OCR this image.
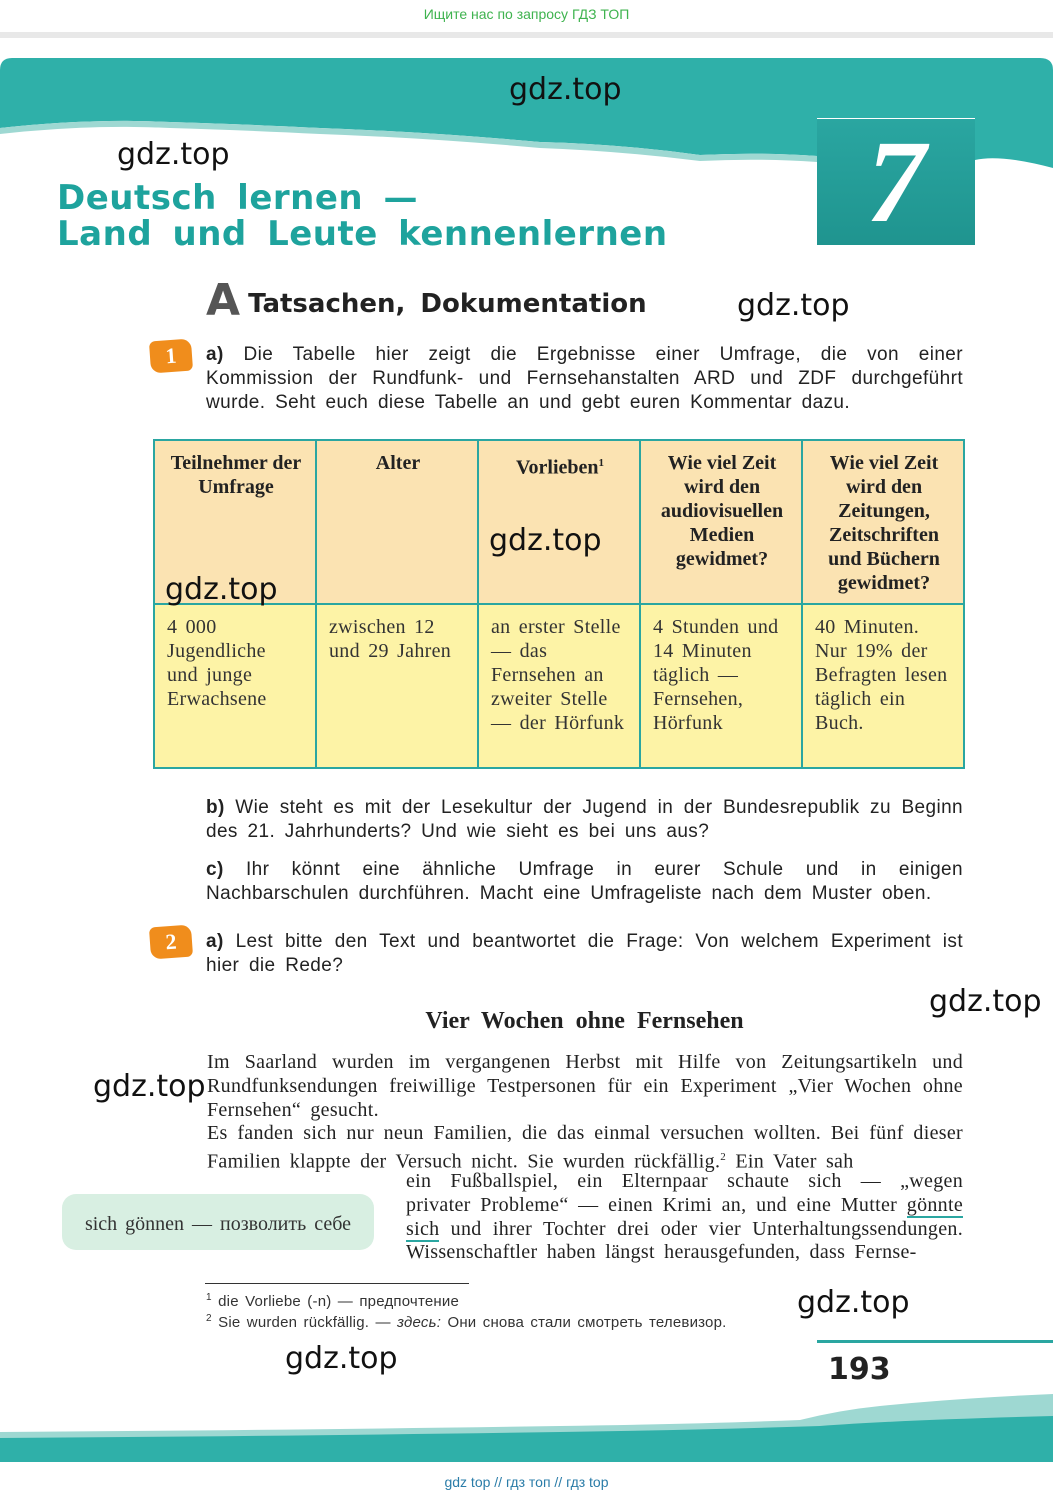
Ищите нас по запросу ГДЗ ТОП
7
gdz.top
gdz.top
Deutsch lernen —
Land und Leute kennenlernen
A Tatsachen, Dokumentation	gdz.top
1	a) Die Tabelle hier zeigt die Ergebnisse einer Umfrage, die von einer Kommission der Rundfunk- und Fernsehanstalten ARD und ZDF durchgeführt wurde. Seht euch diese Tabelle an und gebt euren Kommentar dazu.
Teilnehmer der Umfrage	Alter	Vorlieben$^1$	Wie viel Zeit wird den audiovisuellen Medien gewidmet?	Wie viel Zeit wird den Zeitungen, Zeitschriften und Büchern gewidmet?
4 000 Jugendliche und junge Erwachsene	zwischen 12 und 29 Jahren	an erster Stelle — das Fernsehen an zweiter Stelle — der Hörfunk	4 Stunden und 14 Minuten täglich — Fernsehen, Hörfunk	40 Minuten. Nur 19% der Befragten lesen täglich ein Buch.
gdz.top
gdz.top
b) Wie steht es mit der Lesekultur der Jugend in der Bundesrepublik zu Beginn des 21. Jahrhunderts? Und wie sieht es bei uns aus?
c) Ihr könnt eine ähnliche Umfrage in eurer Schule und in einigen Nachbarschulen durchführen. Macht eine Umfrageliste nach dem Muster oben.
2	a) Lest bitte den Text und beantwortet die Frage: Von welchem Experiment ist hier die Rede?
gdz.top
Vier Wochen ohne Fernsehen
gdz.top
Im Saarland wurden im vergangenen Herbst mit Hilfe von Zeitungsartikeln und Rundfunksendungen freiwillige Testpersonen für ein Experiment „Vier Wochen ohne Fernsehen“ gesucht.
Es fanden sich nur neun Familien, die das einmal versuchen wollten. Bei fünf dieser Familien klappte der Versuch nicht. Sie wurden rückfällig.$^2$ Ein Vater sah
ein Fußballspiel, ein Elternpaar schaute sich — „wegen privater Probleme“ — einen Krimi an, und eine Mutter gönnte sich und ihrer Tochter drei oder vier Unterhaltungssendungen. Wissenschaftler haben längst herausgefunden, dass Fernse-
sich gönnen — позволить себе
$^1$ die Vorliebe (-n) — предпочтение
$^2$ Sie wurden rückfällig. — здесь: Они снова стали смотреть телевизор.
gdz.top
gdz.top	193
gdz top // гдз топ // гдз top
